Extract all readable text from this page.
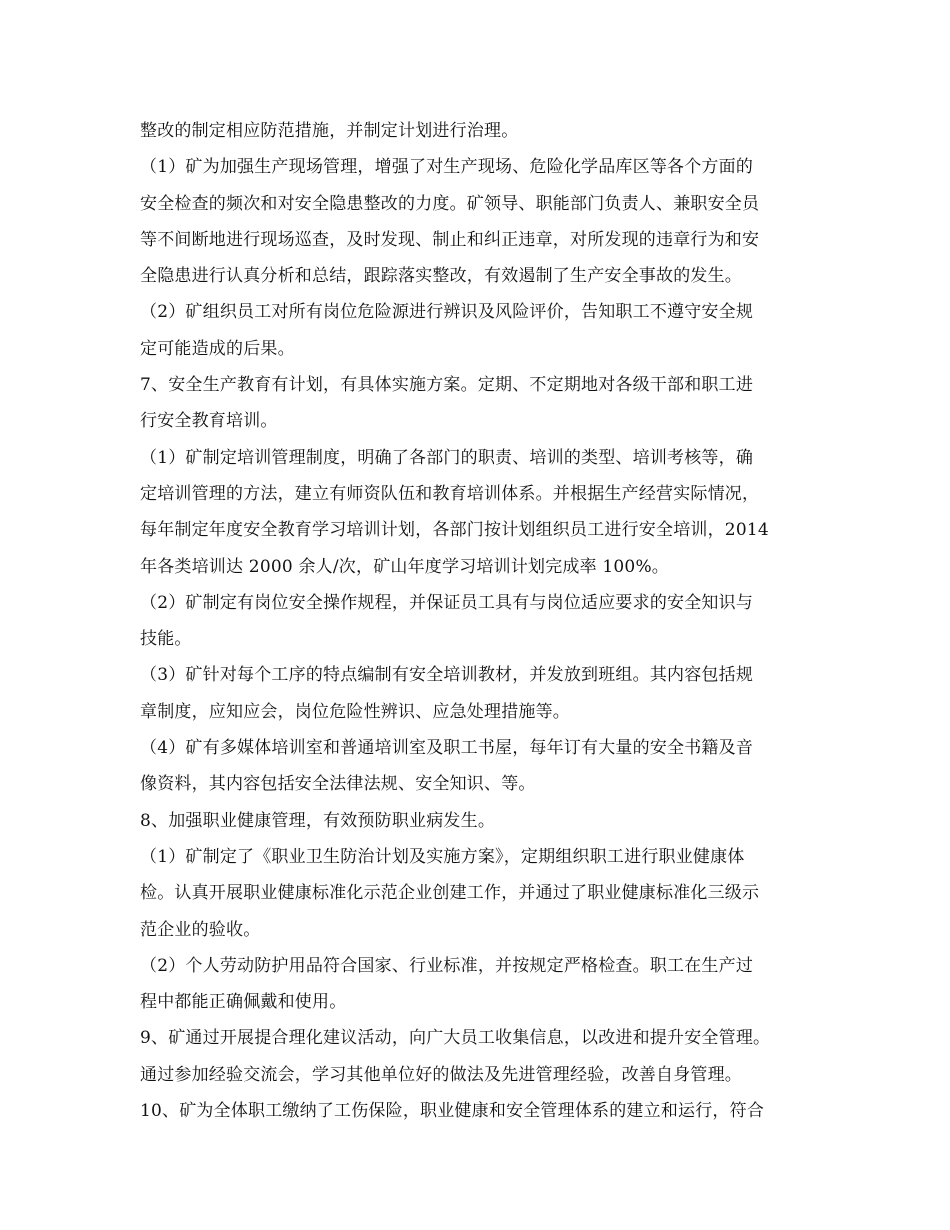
整改的制定相应防范措施，并制定计划进行治理。
（1）矿为加强生产现场管理，增强了对生产现场、危险化学品库区等各个方面的
安全检查的频次和对安全隐患整改的力度。矿领导、职能部门负责人、兼职安全员
等不间断地进行现场巡查，及时发现、制止和纠正违章，对所发现的违章行为和安
全隐患进行认真分析和总结，跟踪落实整改，有效遏制了生产安全事故的发生。
（2）矿组织员工对所有岗位危险源进行辨识及风险评价，告知职工不遵守安全规
定可能造成的后果。
7、安全生产教育有计划，有具体实施方案。定期、不定期地对各级干部和职工进
行安全教育培训。
（1）矿制定培训管理制度，明确了各部门的职责、培训的类型、培训考核等，确
定培训管理的方法，建立有师资队伍和教育培训体系。并根据生产经营实际情况，
每年制定年度安全教育学习培训计划，各部门按计划组织员工进行安全培训，2014
年各类培训达 2000 余人/次，矿山年度学习培训计划完成率 100%。
（2）矿制定有岗位安全操作规程，并保证员工具有与岗位适应要求的安全知识与
技能。
（3）矿针对每个工序的特点编制有安全培训教材，并发放到班组。其内容包括规
章制度，应知应会，岗位危险性辨识、应急处理措施等。
（4）矿有多媒体培训室和普通培训室及职工书屋，每年订有大量的安全书籍及音
像资料，其内容包括安全法律法规、安全知识、等。
8、加强职业健康管理，有效预防职业病发生。
（1）矿制定了《职业卫生防治计划及实施方案》，定期组织职工进行职业健康体
检。认真开展职业健康标准化示范企业创建工作，并通过了职业健康标准化三级示
范企业的验收。
（2）个人劳动防护用品符合国家、行业标准，并按规定严格检查。职工在生产过
程中都能正确佩戴和使用。
9、矿通过开展提合理化建议活动，向广大员工收集信息，以改进和提升安全管理。
通过参加经验交流会，学习其他单位好的做法及先进管理经验，改善自身管理。
10、矿为全体职工缴纳了工伤保险，职业健康和安全管理体系的建立和运行，符合
